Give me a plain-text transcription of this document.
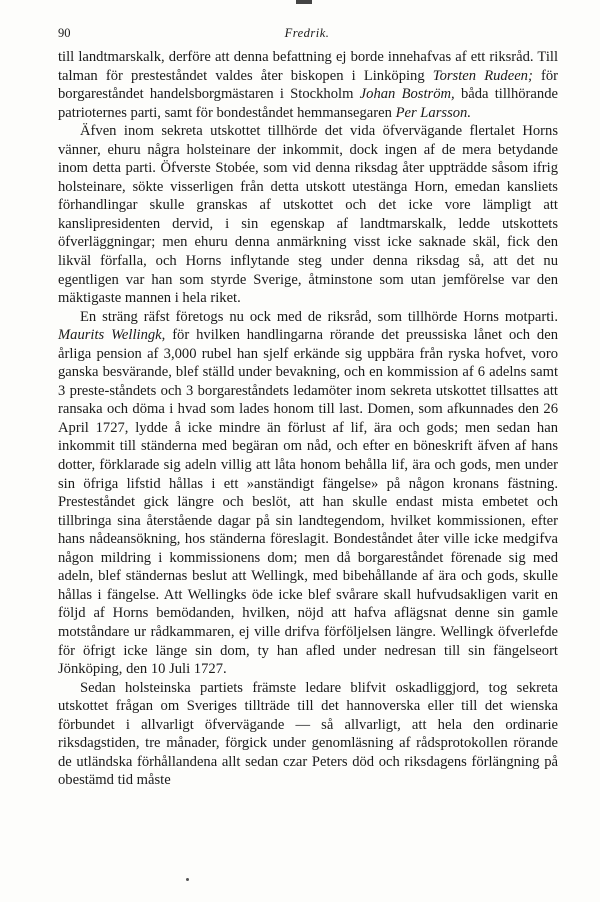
90	Fredrik.

till landtmarskalk, derföre att denna befattning ej borde innehafvas af ett riksråd. Till talman för presteståndet valdes åter biskopen i Linköping Torsten Rudeen; för borgareståndet handelsborgmästaren i Stockholm Johan Boström, båda tillhörande patrioternes parti, samt för bondeståndet hemmansegaren Per Larsson.

Äfven inom sekreta utskottet tillhörde det vida öfvervägande flertalet Horns vänner, ehuru några holsteinare der inkommit, dock ingen af de mera betydande inom detta parti. Öfverste Stobée, som vid denna riksdag åter uppträdde såsom ifrig holsteinare, sökte visserligen från detta utskott utestänga Horn, emedan kansliets förhandlingar skulle granskas af utskottet och det icke vore lämpligt att kanslipresidenten dervid, i sin egenskap af landtmarskalk, ledde utskottets öfverläggningar; men ehuru denna anmärkning visst icke saknade skäl, fick den likväl förfalla, och Horns inflytande steg under denna riksdag så, att det nu egentligen var han som styrde Sverige, åtminstone som utan jemförelse var den mäktigaste mannen i hela riket.

En sträng räfst företogs nu ock med de riksråd, som tillhörde Horns motparti. Maurits Wellingk, för hvilken handlingarna rörande det preussiska lånet och den årliga pension af 3,000 rubel han sjelf erkände sig uppbära från ryska hofvet, voro ganska besvärande, blef ställd under bevakning, och en kommission af 6 adelns samt 3 preste-ståndets och 3 borgareståndets ledamöter inom sekreta utskottet tillsattes att ransaka och döma i hvad som lades honom till last. Domen, som afkunnades den 26 April 1727, lydde å icke mindre än förlust af lif, ära och gods; men sedan han inkommit till ständerna med begäran om nåd, och efter en böneskrift äfven af hans dotter, förklarade sig adeln villig att låta honom behålla lif, ära och gods, men under sin öfriga lifstid hållas i ett »anständigt fängelse» på någon kronans fästning. Presteståndet gick längre och beslöt, att han skulle endast mista embetet och tillbringa sina återstående dagar på sin landtegendom, hvilket kommissionen, efter hans nådeansökning, hos ständerna föreslagit. Bondeståndet åter ville icke medgifva någon mildring i kommissionens dom; men då borgareståndet förenade sig med adeln, blef ständernas beslut att Wellingk, med bibehållande af ära och gods, skulle hållas i fängelse. Att Wellingks öde icke blef svårare skall hufvudsakligen varit en följd af Horns bemödanden, hvilken, nöjd att hafva aflägsnat denne sin gamle motståndare ur rådkammaren, ej ville drifva förföljelsen längre. Wellingk öfverlefde för öfrigt icke länge sin dom, ty han afled under nedresan till sin fängelseort Jönköping, den 10 Juli 1727.

Sedan holsteinska partiets främste ledare blifvit oskadliggjord, tog sekreta utskottet frågan om Sveriges tillträde till det hannoverska eller till det wienska förbundet i allvarligt öfvervägande — så allvarligt, att hela den ordinarie riksdagstiden, tre månader, förgick under genomläsning af rådsprotokollen rörande de utländska förhållandena allt sedan czar Peters död och riksdagens förlängning på obestämd tid måste
